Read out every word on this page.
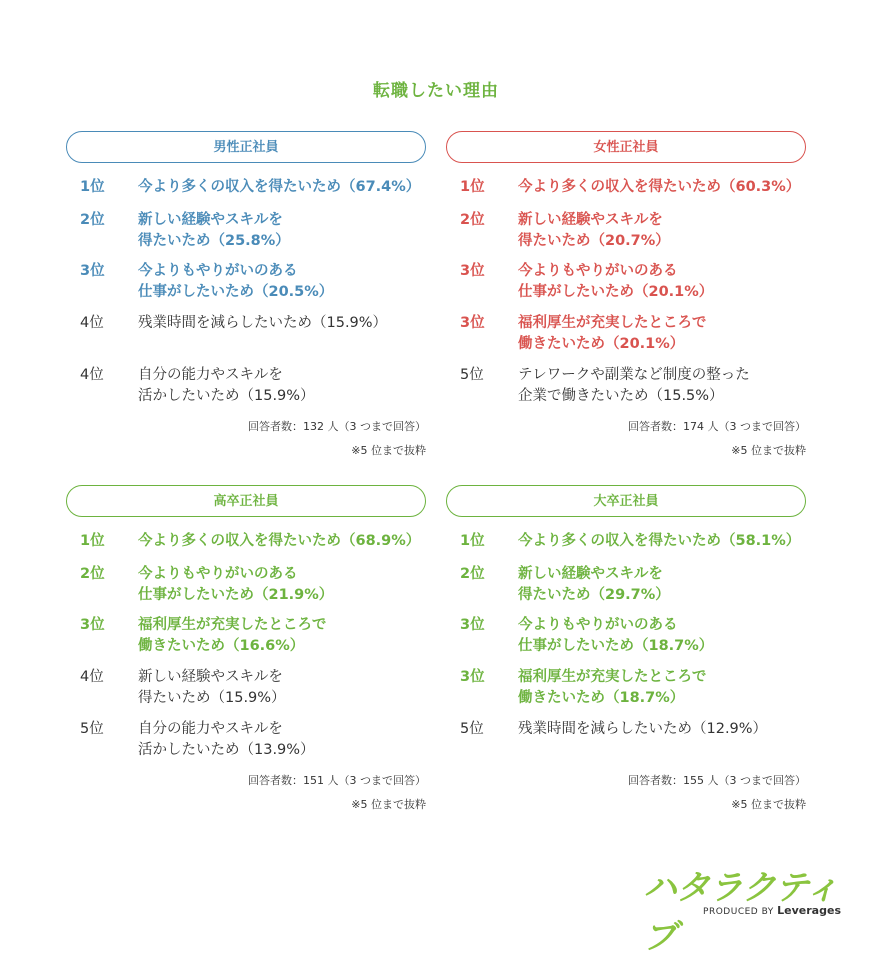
転職したい理由
男性正社員
1位	今より多くの収入を得たいため（67.4%）
2位	新しい経験やスキルを
得たいため（25.8%）
3位	今よりもやりがいのある
仕事がしたいため（20.5%）
4位	残業時間を減らしたいため（15.9%）
4位	自分の能力やスキルを
活かしたいため（15.9%）
回答者数：132 人（3 つまで回答）
※5 位まで抜粋
女性正社員
1位	今より多くの収入を得たいため（60.3%）
2位	新しい経験やスキルを
得たいため（20.7%）
3位	今よりもやりがいのある
仕事がしたいため（20.1%）
3位	福利厚生が充実したところで
働きたいため（20.1%）
5位	テレワークや副業など制度の整った
企業で働きたいため（15.5%）
回答者数：174 人（3 つまで回答）
※5 位まで抜粋
高卒正社員
1位	今より多くの収入を得たいため（68.9%）
2位	今よりもやりがいのある
仕事がしたいため（21.9%）
3位	福利厚生が充実したところで
働きたいため（16.6%）
4位	新しい経験やスキルを
得たいため（15.9%）
5位	自分の能力やスキルを
活かしたいため（13.9%）
回答者数：151 人（3 つまで回答）
※5 位まで抜粋
大卒正社員
1位	今より多くの収入を得たいため（58.1%）
2位	新しい経験やスキルを
得たいため（29.7%）
3位	今よりもやりがいのある
仕事がしたいため（18.7%）
3位	福利厚生が充実したところで
働きたいため（18.7%）
5位	残業時間を減らしたいため（12.9%）
回答者数：155 人（3 つまで回答）
※5 位まで抜粋
ハタラクティブ
PRODUCED BY Leverages
